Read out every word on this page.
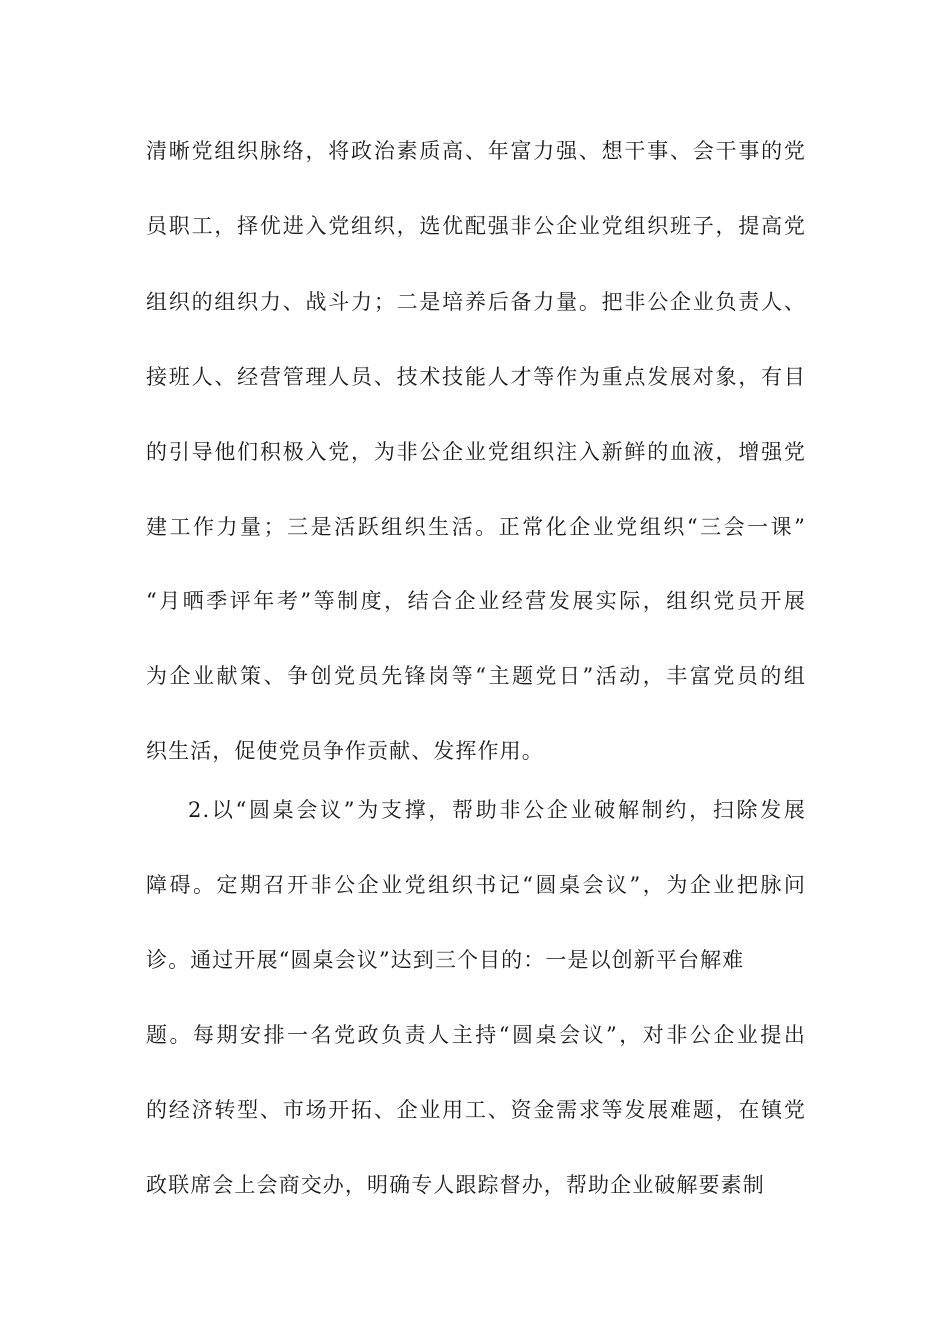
清晰党组织脉络，将政治素质高、年富力强、想干事、会干事的党
员职工，择优进入党组织，选优配强非公企业党组织班子，提高党
组织的组织力、战斗力；二是培养后备力量。把非公企业负责人、
接班人、经营管理人员、技术技能人才等作为重点发展对象，有目
的引导他们积极入党，为非公企业党组织注入新鲜的血液，增强党
建工作力量；三是活跃组织生活。正常化企业党组织“三会一课”
“月晒季评年考”等制度，结合企业经营发展实际，组织党员开展
为企业献策、争创党员先锋岗等“主题党日”活动，丰富党员的组
织生活，促使党员争作贡献、发挥作用。
2.以“圆桌会议”为支撑，帮助非公企业破解制约，扫除发展
障碍。定期召开非公企业党组织书记“圆桌会议”，为企业把脉问
诊。通过开展“圆桌会议”达到三个目的：一是以创新平台解难
题。每期安排一名党政负责人主持“圆桌会议”，对非公企业提出
的经济转型、市场开拓、企业用工、资金需求等发展难题，在镇党
政联席会上会商交办，明确专人跟踪督办，帮助企业破解要素制
